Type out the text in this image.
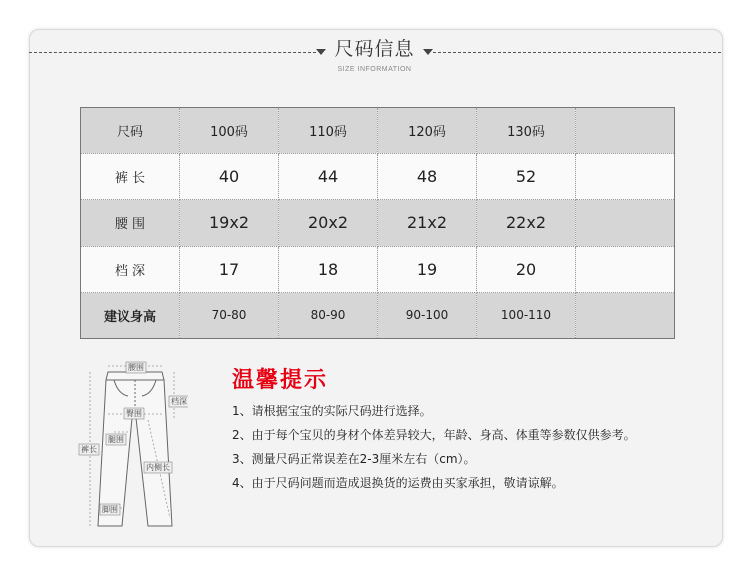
尺码信息
SIZE INFORMATION
尺码	100码	110码	120码	130码	
裤 长	40	44	48	52	
腰 围	19x2	20x2	21x2	22x2	
档 深	17	18	19	20	
建议身高	70-80	80-90	90-100	100-110	
腰围
档深
臀围
裤长
腿围
内侧长
脚围
温馨提示
1、请根据宝宝的实际尺码进行选择。
2、由于每个宝贝的身材个体差异较大，年龄、身高、体重等参数仅供参考。
3、测量尺码正常误差在2-3厘米左右（cm）。
4、由于尺码问题而造成退换货的运费由买家承担，敬请谅解。
